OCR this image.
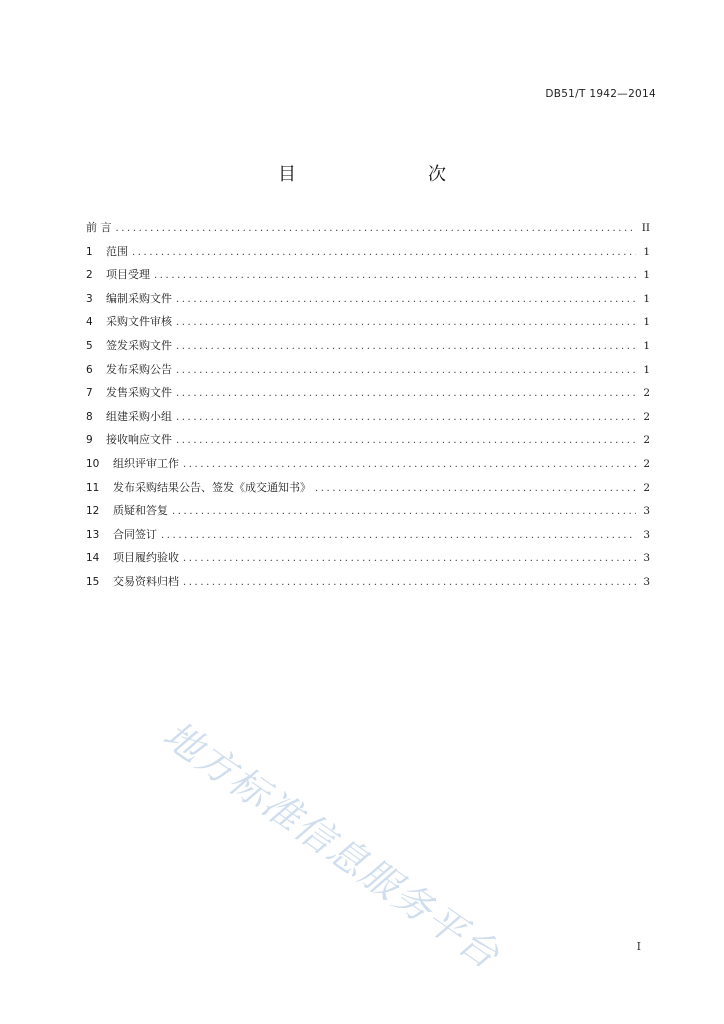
DB51/T 1942—2014
目　　次
前 言 .....	II
1	范围 .....	1
2	项目受理 .....	1
3	编制采购文件 .....	1
4	采购文件审核 .....	1
5	签发采购文件 .....	1
6	发布采购公告 .....	1
7	发售采购文件 .....	2
8	组建采购小组 .....	2
9	接收响应文件 .....	2
10	组织评审工作 .....	2
11	发布采购结果公告、签发《成交通知书》 .....	2
12	质疑和答复 .....	3
13	合同签订 .....	3
14	项目履约验收 .....	3
15	交易资料归档 .....	3
地方标准信息服务平台	I
